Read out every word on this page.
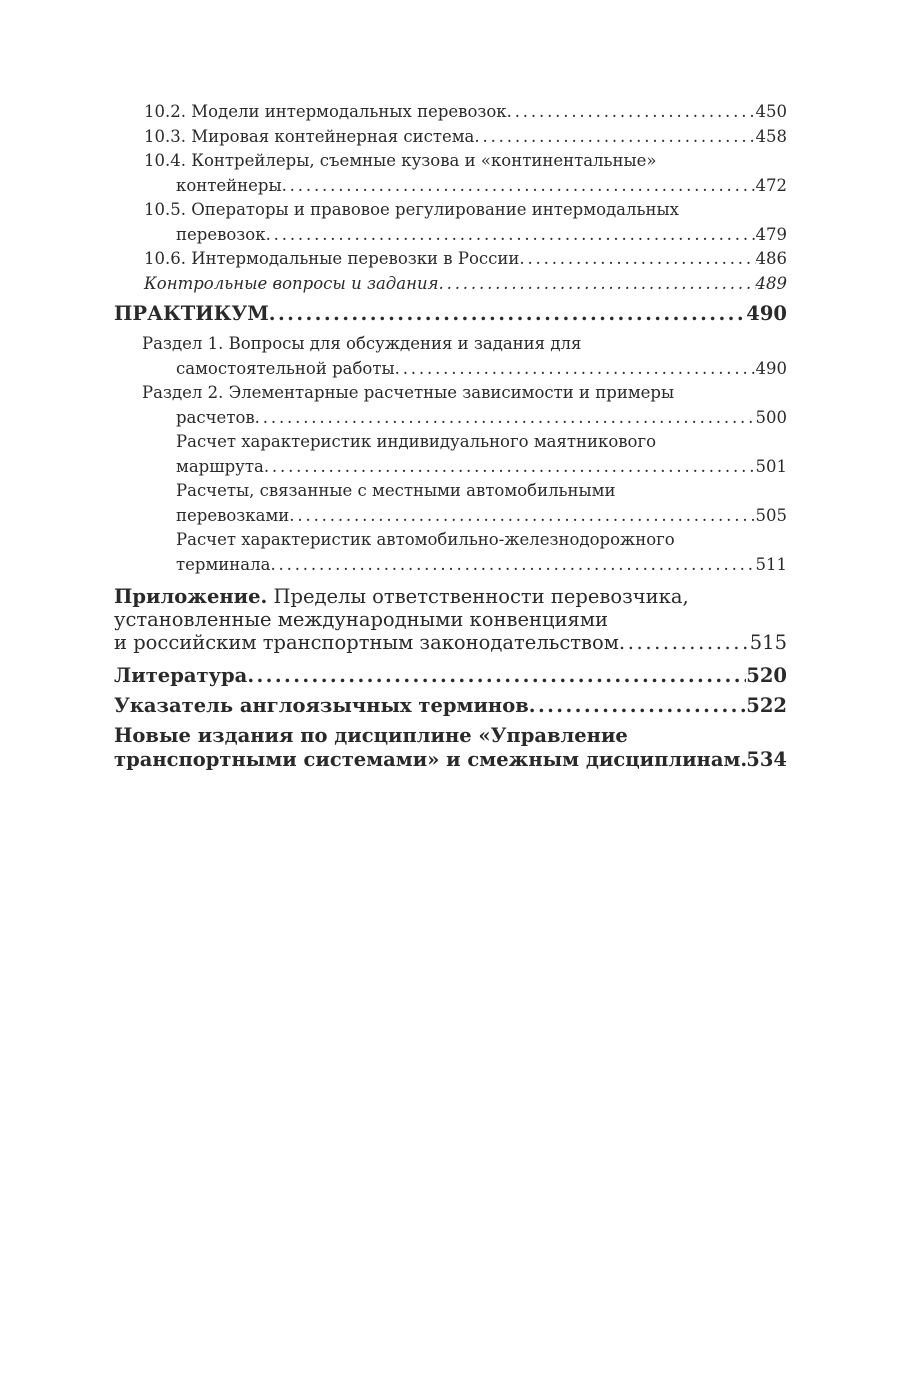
10.2. Модели интермодальных перевозок . . .	450
10.3. Мировая контейнерная система . . .	458
10.4. Контрейлеры, съемные кузова и «континентальные»
контейнеры . . .	472
10.5. Операторы и правовое регулирование интермодальных
перевозок . . .	479
10.6. Интермодальные перевозки в России . . .	486
Контрольные вопросы и задания . . .	489
ПРАКТИКУМ . . .	490
Раздел 1. Вопросы для обсуждения и задания для
самостоятельной работы . . .	490
Раздел 2. Элементарные расчетные зависимости и примеры
расчетов . . .	500
Расчет характеристик индивидуального маятникового
маршрута . . .	501
Расчеты, связанные с местными автомобильными
перевозками . . .	505
Расчет характеристик автомобильно-железнодорожного
терминала . . .	511
Приложение. Пределы ответственности перевозчика,
установленные международными конвенциями
и российским транспортным законодательством . . .	515
Литература . . .	520
Указатель англоязычных терминов . . .	522
Новые издания по дисциплине «Управление
транспортными системами» и смежным дисциплинам . . . 534
